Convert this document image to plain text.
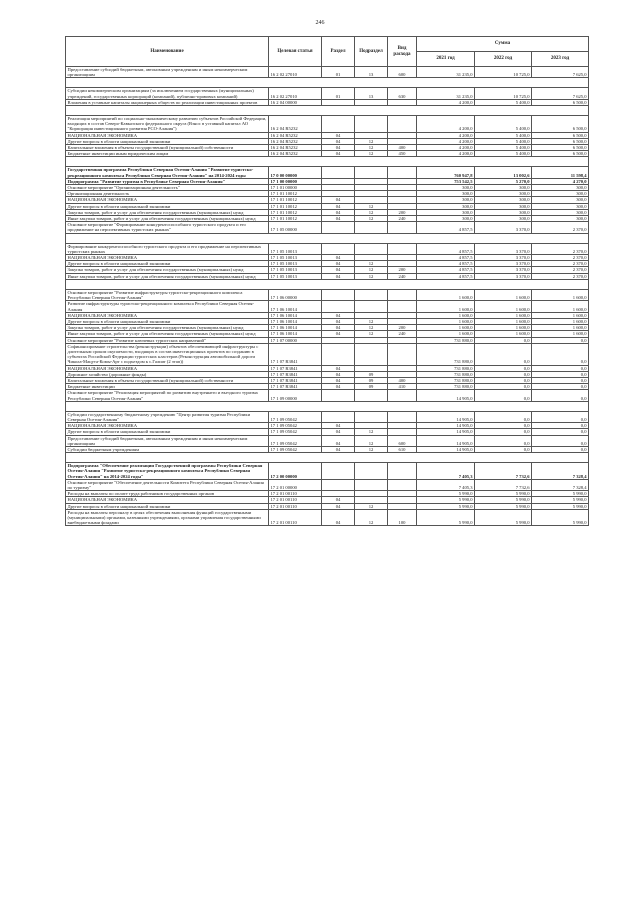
246
Наименование	Целевая статья	Раздел	Подраздел	Вид расхода	Сумма		
					2021 год	2022 год	2023 год
Предоставление субсидий бюджетным, автономным учреждениям и иным некоммерческим организациям	16 2 02 27010	01	13	600	31 235,0	10 725,0	7 625,0

Субсидии некоммерческим организациям (за исключением государственных (муниципальных) учреждений, государственных корпораций (компаний), публично-правовых компаний)	16 2 02 27010	01	13	630	31 235,0	10 725,0	7 625,0
Вложения в уставные капиталы акционерных обществ по реализации инвестиционных проектов	16 2 04 00000				4 200,0	5 400,0	6 500,0

Реализация мероприятий по социально-экономическому развитию субъектов Российской Федерации, входящих в состав Северо-Кавказского федерального округа (Взнос в уставный капитал АО "Корпорация инвестиционного развития РСО-Алания")	16 2 04 R5232				4 200,0	5 400,0	6 500,0
НАЦИОНАЛЬНАЯ ЭКОНОМИКА	16 2 04 R5232	04			4 200,0	5 400,0	6 500,0
Другие вопросы в области национальной экономики	16 2 04 R5232	04	12		4 200,0	5 400,0	6 500,0
Капитальные вложения в объекты государственной (муниципальной) собственности	16 2 04 R5232	04	12	400	4 200,0	5 400,0	6 500,0
Бюджетные инвестиции иным юридическим лицам	16 2 04 R5232	04	12	450	4 200,0	5 400,0	6 500,0

Государственная программа Республики Северная Осетия-Алания "Развитие туристско-рекреационного комплекса Республики Северная Осетия-Алания" на 2014-2024 годы	17 0 00 00000				760 947,8	13 002,6	11 598,4
Подпрограмма "Развитие туризма в Республике Северная Осетия-Алания"	17 1 00 00000				753 542,5	5 270,0	4 270,0
Основное мероприятие "Организационная деятельность"	17 1 01 00000				300,0	300,0	300,0
Организационная деятельность	17 1 01 10012				300,0	300,0	300,0
НАЦИОНАЛЬНАЯ ЭКОНОМИКА	17 1 01 10012	04			300,0	300,0	300,0
Другие вопросы в области национальной экономики	17 1 01 10012	04	12		300,0	300,0	300,0
Закупка товаров, работ и услуг для обеспечения государственных (муниципальных) нужд	17 1 01 10012	04	12	200	300,0	300,0	300,0
Иные закупки товаров, работ и услуг для обеспечения государственных (муниципальных) нужд	17 1 01 10012	04	12	240	300,0	300,0	300,0
Основное мероприятие "Формирование конкурентоспособного туристского продукта и его продвижение на перспективных туристских рынках"	17 1 05 00000				4 857,5	3 370,0	2 370,0

Формирование конкурентоспособного туристского продукта и его продвижение на перспективных туристских рынках	17 1 05 10013				4 857,5	3 370,0	2 370,0
НАЦИОНАЛЬНАЯ ЭКОНОМИКА	17 1 05 10013	04			4 857,5	3 370,0	2 370,0
Другие вопросы в области национальной экономики	17 1 05 10013	04	12		4 857,5	3 370,0	2 370,0
Закупка товаров, работ и услуг для обеспечения государственных (муниципальных) нужд	17 1 05 10013	04	12	200	4 857,5	3 370,0	2 370,0
Иные закупки товаров, работ и услуг для обеспечения государственных (муниципальных) нужд	17 1 05 10013	04	12	240	4 857,5	3 370,0	2 370,0

Основное мероприятие "Развитие инфраструктуры туристско-рекреационного комплекса Республики Северная Осетия-Алания"	17 1 06 00000				1 600,0	1 600,0	1 600,0
Развитие инфраструктуры туристско-рекреационного комплекса Республики Северная Осетия-Алания	17 1 06 10014				1 600,0	1 600,0	1 600,0
НАЦИОНАЛЬНАЯ ЭКОНОМИКА	17 1 06 10014	04			1 600,0	1 600,0	1 600,0
Другие вопросы в области национальной экономики	17 1 06 10014	04	12		1 600,0	1 600,0	1 600,0
Закупка товаров, работ и услуг для обеспечения государственных (муниципальных) нужд	17 1 06 10014	04	12	200	1 600,0	1 600,0	1 600,0
Иные закупки товаров, работ и услуг для обеспечения государственных (муниципальных) нужд	17 1 06 10014	04	12	240	1 600,0	1 600,0	1 600,0
Основное мероприятие "Развитие ключевых туристских направлений"	17 1 07 00000				731 880,0	0,0	0,0
Софинансирование строительства (реконструкции) объектов обеспечивающей инфраструктуры с длительным сроком окупаемости, входящих в состав инвестиционных проектов по созданию в субъектах Российской Федерации туристских кластеров (Реконструкция автомобильной дороги Чикола-Мацута-Комы-Арт с подъездом к с.Галиат (2 этап))	17 1 07 R3841				731 880,0	0,0	0,0
НАЦИОНАЛЬНАЯ ЭКОНОМИКА	17 1 07 R3841	04			731 880,0	0,0	0,0
Дорожное хозяйство (дорожные фонды)	17 1 07 R3841	04	09		731 880,0	0,0	0,0
Капитальные вложения в объекты государственной (муниципальной) собственности	17 1 07 R3841	04	09	400	731 880,0	0,0	0,0
Бюджетные инвестиции	17 1 07 R3841	04	09	410	731 880,0	0,0	0,0
Основное мероприятие "Реализация мероприятий по развитию внутреннего и въездного туризма Республики Северная Осетия-Алания"	17 1 09 00000				14 905,0	0,0	0,0

Субсидии государственному бюджетному учреждению "Центр развития туризма Республики Северная Осетия-Алания"	17 1 09 05042				14 905,0	0,0	0,0
НАЦИОНАЛЬНАЯ ЭКОНОМИКА	17 1 09 05042	04			14 905,0	0,0	0,0
Другие вопросы в области национальной экономики	17 1 09 05042	04	12		14 905,0	0,0	0,0
Предоставление субсидий бюджетным, автономным учреждениям и иным некоммерческим организациям	17 1 09 05042	04	12	600	14 905,0	0,0	0,0
Субсидии бюджетным учреждениям	17 1 09 05042	04	12	610	14 905,0	0,0	0,0

Подпрограмма "Обеспечение реализации Государственной программы Республики Северная Осетия-Алания "Развитие туристско-рекреационного комплекса Республики Северная Осетия-Алания" на 2014-2024 годы"	17 2 00 00000				7 405,3	7 732,6	7 328,4
Основное мероприятие "Обеспечение деятельности Комитета Республики Северная Осетия-Алания по туризму"	17 2 01 00000				7 405,3	7 732,6	7 328,4
Расходы на выплаты по оплате труда работников государственных органов	17 2 01 00110				5 990,0	5 990,0	5 990,0
НАЦИОНАЛЬНАЯ ЭКОНОМИКА	17 2 01 00110	04			5 990,0	5 990,0	5 990,0
Другие вопросы в области национальной экономики	17 2 01 00110	04	12		5 990,0	5 990,0	5 990,0
Расходы на выплаты персоналу в целях обеспечения выполнения функций государственными (муниципальными) органами, казенными учреждениями, органами управления государственными внебюджетными фондами	17 2 01 00110	04	12	100	5 990,0	5 990,0	5 990,0
